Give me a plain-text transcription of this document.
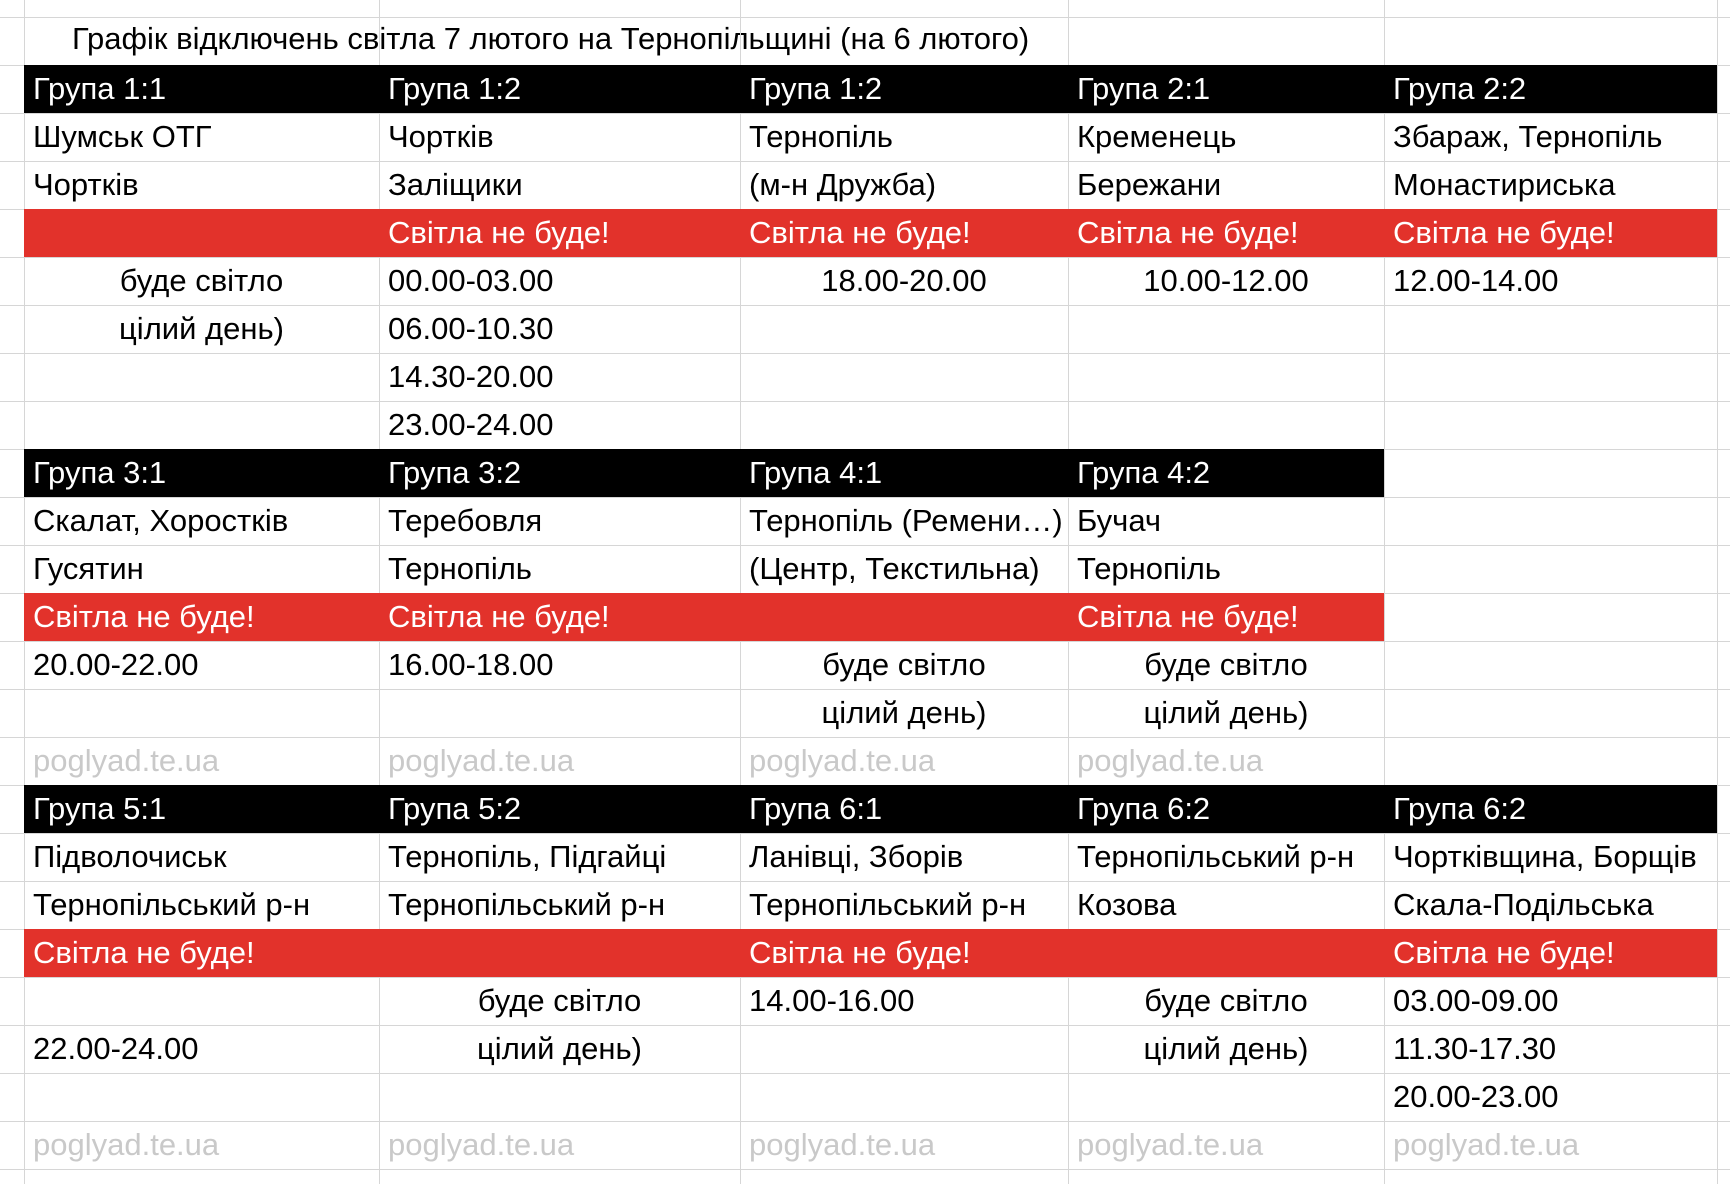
Графік відключень світла 7 лютого на Тернопільщині (на 6 лютого)
Група 1:1
Шумськ ОТГ
Чортків
буде світло
цілий день)
Група 1:2
Чортків
Заліщики
Світла не буде!
00.00-03.00
06.00-10.30
14.30-20.00
23.00-24.00
Група 1:2
Тернопіль
(м-н Дружба)
Світла не буде!
18.00-20.00
Група 2:1
Кременець
Бережани
Світла не буде!
10.00-12.00
Група 2:2
Збараж, Тернопіль
Монастириська
Світла не буде!
12.00-14.00
Група 3:1
Скалат, Хоростків
Гусятин
Світла не буде!
20.00-22.00
poglyad.te.ua
Група 3:2
Теребовля
Тернопіль
Світла не буде!
16.00-18.00
poglyad.te.ua
Група 4:1
Тернопіль (Ремени…)
(Центр, Текстильна)
буде світло
цілий день)
poglyad.te.ua
Група 4:2
Бучач
Тернопіль
Світла не буде!
буде світло
цілий день)
poglyad.te.ua
Група 5:1
Підволочиськ
Тернопільський р-н
Світла не буде!
22.00-24.00
poglyad.te.ua
Група 5:2
Тернопіль, Підгайці
Тернопільський р-н
буде світло
цілий день)
poglyad.te.ua
Група 6:1
Ланівці, Зборів
Тернопільський р-н
Світла не буде!
14.00-16.00
poglyad.te.ua
Група 6:2
Тернопільський р-н
Козова
буде світло
цілий день)
poglyad.te.ua
Група 6:2
Чортківщина, Борщів
Скала-Подільська
Світла не буде!
03.00-09.00
11.30-17.30
20.00-23.00
poglyad.te.ua
